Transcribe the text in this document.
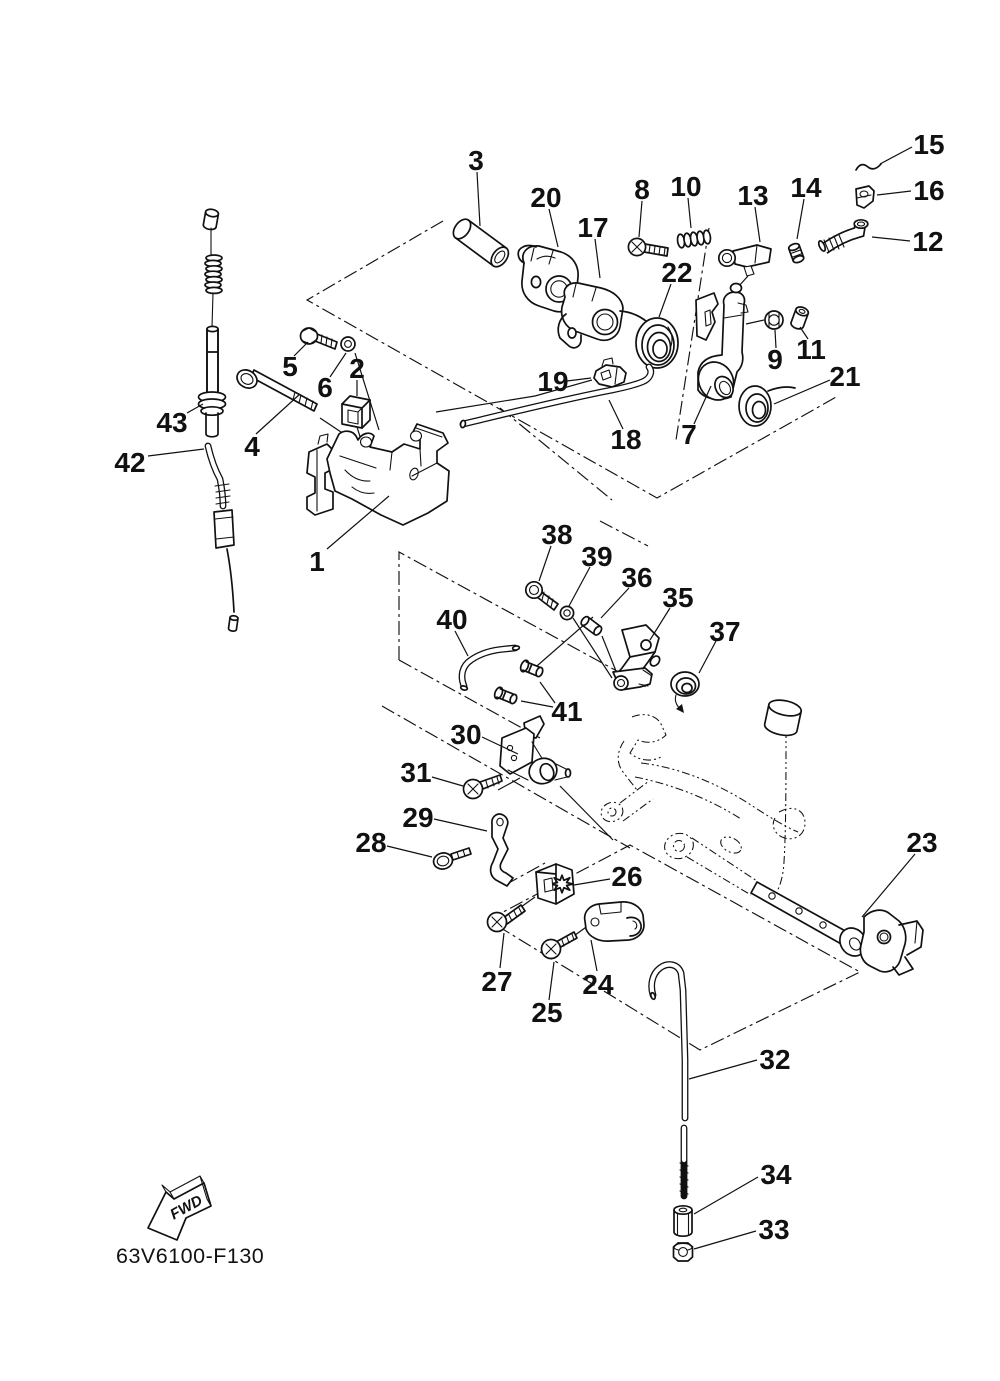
1
2
3
4
5
6
7
8
9
10
11
12
13 14
15
16
17
18
19
20
21
22
23
24
25
26
27
28
29
30
31
32
33
34
35
36
37
38
39
40
41
42
43
FWD
63V6100-F130
